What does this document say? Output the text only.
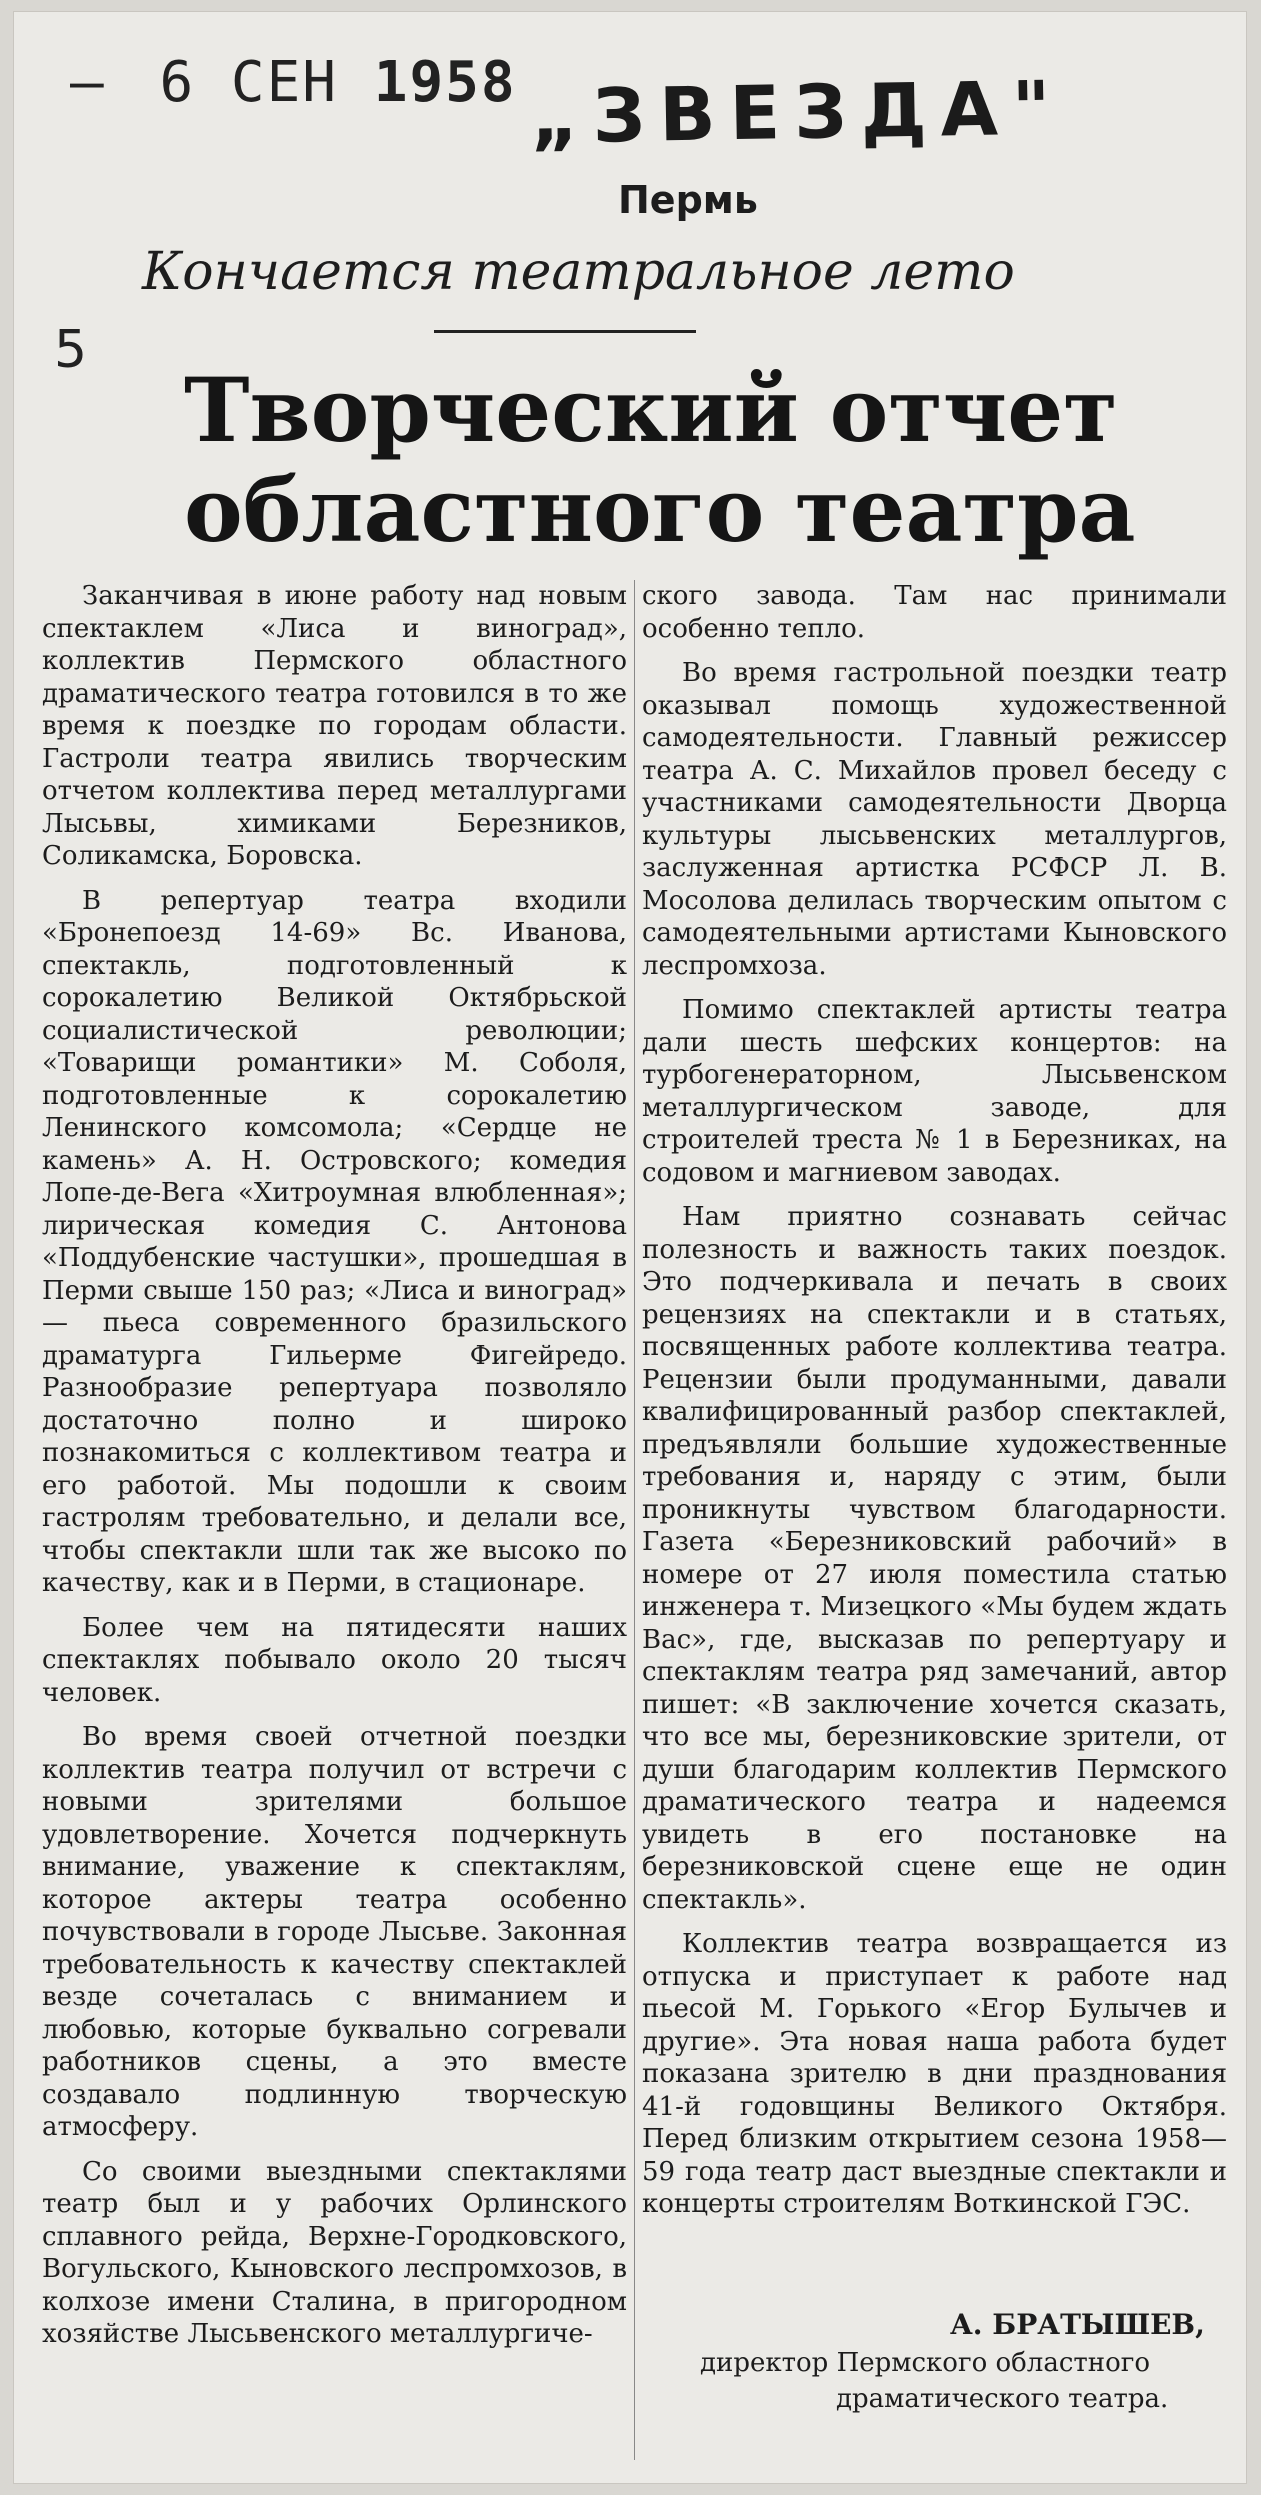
– 6 СЕН 1958 „ЗВЕЗДА"
Пермь
Кончается театральное лето
5
Творческий отчет
областного театра

Заканчивая в июне работу над новым спектаклем «Лиса и виноград», коллектив Пермского областного драматического театра готовился в то же время к поездке по городам области. Гастроли театра явились творческим отчетом коллектива перед металлургами Лысьвы, химиками Березников, Соликамска, Боровска.

В репертуар театра входили «Бронепоезд 14-69» Вс. Иванова, спектакль, подготовленный к сорокалетию Великой Октябрьской социалистической революции; «Товарищи романтики» М. Соболя, подготовленные к сорокалетию Ленинского комсомола; «Сердце не камень» А. Н. Островского; комедия Лопе-де-Вега «Хитроумная влюбленная»; лирическая комедия С. Антонова «Поддубенские частушки», прошедшая в Перми свыше 150 раз; «Лиса и виноград» — пьеса современного бразильского драматурга Гильерме Фигейредо. Разнообразие репертуара позволяло достаточно полно и широко познакомиться с коллективом театра и его работой. Мы подошли к своим гастролям требовательно, и делали все, чтобы спектакли шли так же высоко по качеству, как и в Перми, в стационаре.

Более чем на пятидесяти наших спектаклях побывало около 20 тысяч человек.

Во время своей отчетной поездки коллектив театра получил от встречи с новыми зрителями большое удовлетворение. Хочется подчеркнуть внимание, уважение к спектаклям, которое актеры театра особенно почувствовали в городе Лысьве. Законная требовательность к качеству спектаклей везде сочеталась с вниманием и любовью, которые буквально согревали работников сцены, а это вместе создавало подлинную творческую атмосферу.

Со своими выездными спектаклями театр был и у рабочих Орлинского сплавного рейда, Верхне-Городковского, Вогульского, Кыновского леспромхозов, в колхозе имени Сталина, в пригородном хозяйстве Лысьвенского металлургиче-

ского завода. Там нас принимали особенно тепло.

Во время гастрольной поездки театр оказывал помощь художественной самодеятельности. Главный режиссер театра А. С. Михайлов провел беседу с участниками самодеятельности Дворца культуры лысьвенских металлургов, заслуженная артистка РСФСР Л. В. Мосолова делилась творческим опытом с самодеятельными артистами Кыновского леспромхоза.

Помимо спектаклей артисты театра дали шесть шефских концертов: на турбогенераторном, Лысьвенском металлургическом заводе, для строителей треста № 1 в Березниках, на содовом и магниевом заводах.

Нам приятно сознавать сейчас полезность и важность таких поездок. Это подчеркивала и печать в своих рецензиях на спектакли и в статьях, посвященных работе коллектива театра. Рецензии были продуманными, давали квалифицированный разбор спектаклей, предъявляли большие художественные требования и, наряду с этим, были проникнуты чувством благодарности. Газета «Березниковский рабочий» в номере от 27 июля поместила статью инженера т. Мизецкого «Мы будем ждать Вас», где, высказав по репертуару и спектаклям театра ряд замечаний, автор пишет: «В заключение хочется сказать, что все мы, березниковские зрители, от души благодарим коллектив Пермского драматического театра и надеемся увидеть в его постановке на березниковской сцене еще не один спектакль».

Коллектив театра возвращается из отпуска и приступает к работе над пьесой М. Горького «Егор Булычев и другие». Эта новая наша работа будет показана зрителю в дни празднования 41-й годовщины Великого Октября. Перед близким открытием сезона 1958—59 года театр даст выездные спектакли и концерты строителям Воткинской ГЭС.

А. БРАТЫШЕВ,
директор Пермского областного
драматического театра.
